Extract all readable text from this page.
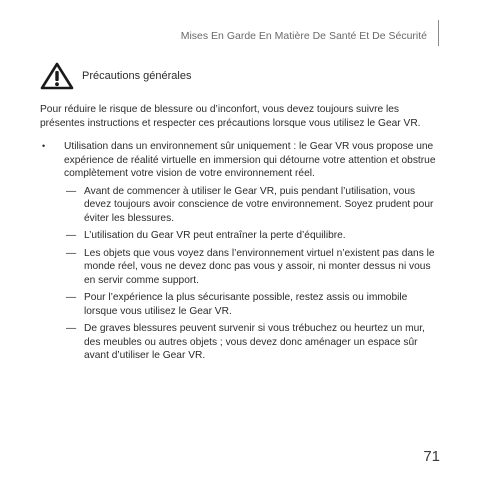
Mises En Garde En Matière De Santé Et De Sécurité
Précautions générales

Pour réduire le risque de blessure ou d’inconfort, vous devez toujours suivre les présentes instructions et respecter ces précautions lorsque vous utilisez le Gear VR.

•	Utilisation dans un environnement sûr uniquement : le Gear VR vous propose une expérience de réalité virtuelle en immersion qui détourne votre attention et obstrue complètement votre vision de votre environnement réel.
— Avant de commencer à utiliser le Gear VR, puis pendant l’utilisation, vous devez toujours avoir conscience de votre environnement. Soyez prudent pour éviter les blessures.
— L’utilisation du Gear VR peut entraîner la perte d’équilibre.
— Les objets que vous voyez dans l’environnement virtuel n’existent pas dans le monde réel, vous ne devez donc pas vous y assoir, ni monter dessus ni vous en servir comme support.
— Pour l’expérience la plus sécurisante possible, restez assis ou immobile lorsque vous utilisez le Gear VR.
— De graves blessures peuvent survenir si vous trébuchez ou heurtez un mur, des meubles ou autres objets ; vous devez donc aménager un espace sûr avant d’utiliser le Gear VR.
71
